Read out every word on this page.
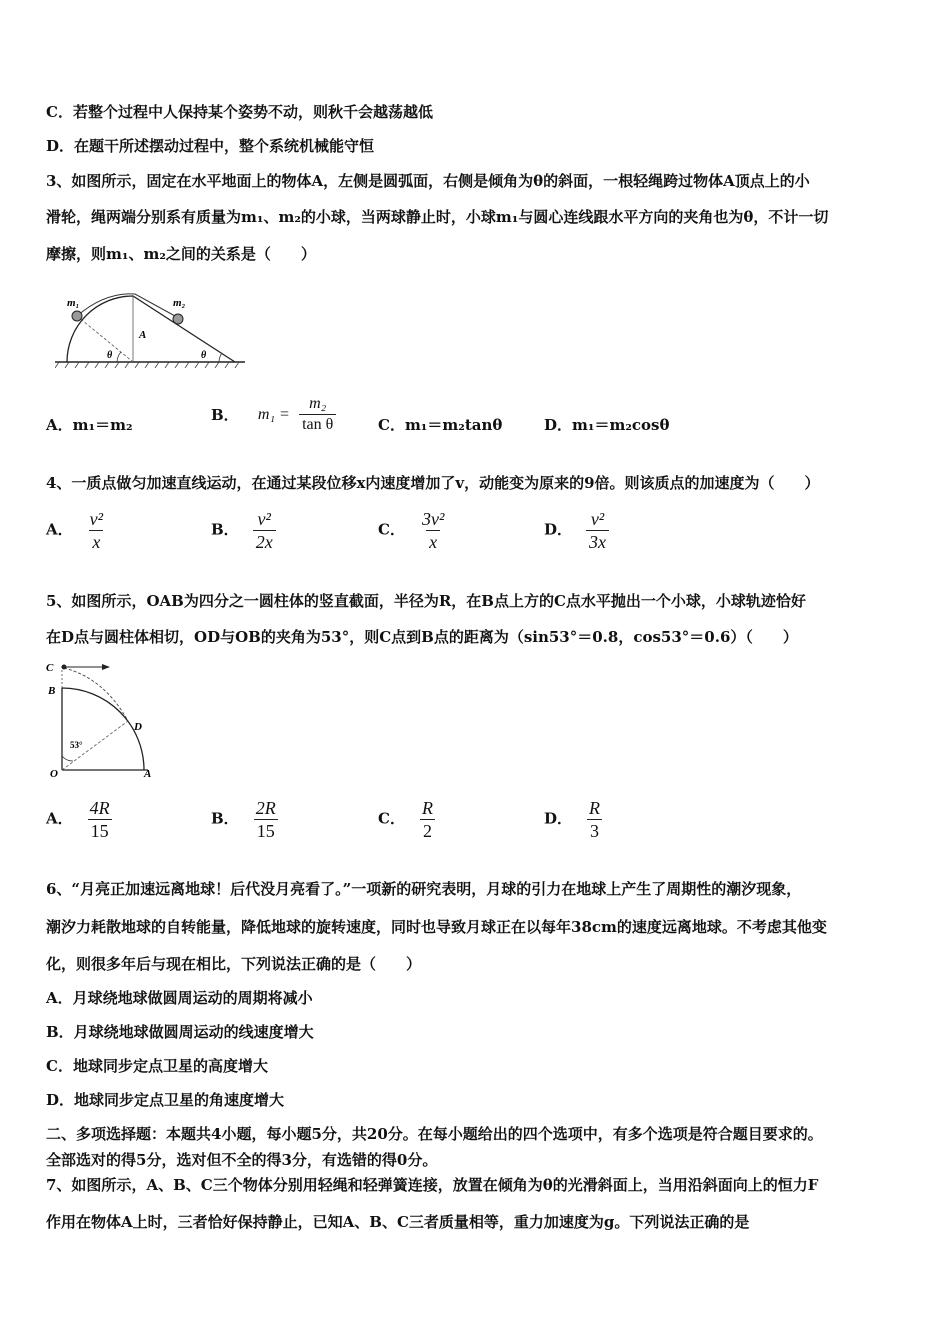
C．若整个过程中人保持某个姿势不动，则秋千会越荡越低
D．在题干所述摆动过程中，整个系统机械能守恒
3、如图所示，固定在水平地面上的物体A，左侧是圆弧面，右侧是倾角为θ的斜面，一根轻绳跨过物体A顶点上的小
滑轮，绳两端分别系有质量为m₁、m₂的小球，当两球静止时，小球m₁与圆心连线跟水平方向的夹角也为θ，不计一切
摩擦，则m₁、m₂之间的关系是（　　）
m₁	m₂
A
θ	θ
A．m₁＝m₂
B． $m_1 = \frac{\text{m₂}}{\text{tan θ}}$	C．m₁＝m₂tanθ	D．m₁＝m₂cosθ
4、一质点做匀加速直线运动，在通过某段位移x内速度增加了v，动能变为原来的9倍。则该质点的加速度为（　　）
A． $\frac{\text{v²}}{x}$	B． $\frac{\text{v²}}{2x}$	C． $\frac{\text{3v²}}{x}$	D． $\frac{\text{v²}}{3x}$
5、如图所示，OAB为四分之一圆柱体的竖直截面，半径为R，在B点上方的C点水平抛出一个小球，小球轨迹恰好
在D点与圆柱体相切，OD与OB的夹角为53°，则C点到B点的距离为（sin53°＝0.8，cos53°＝0.6）（　　）
C
B
D
O	A
53°
A． $\frac{4R}{15}$	B． $\frac{2R}{15}$	C． $\frac{R}{2}$	D． $\frac{R}{3}$
6、“月亮正加速远离地球！后代没月亮看了。”一项新的研究表明，月球的引力在地球上产生了周期性的潮汐现象，
潮汐力耗散地球的自转能量，降低地球的旋转速度，同时也导致月球正在以每年38cm的速度远离地球。不考虑其他变
化，则很多年后与现在相比，下列说法正确的是（　　）
A．月球绕地球做圆周运动的周期将减小
B．月球绕地球做圆周运动的线速度增大
C．地球同步定点卫星的高度增大
D．地球同步定点卫星的角速度增大
二、多项选择题：本题共4小题，每小题5分，共20分。在每小题给出的四个选项中，有多个选项是符合题目要求的。
全部选对的得5分，选对但不全的得3分，有选错的得0分。
7、如图所示，A、B、C三个物体分别用轻绳和轻弹簧连接，放置在倾角为θ的光滑斜面上，当用沿斜面向上的恒力F
作用在物体A上时，三者恰好保持静止，已知A、B、C三者质量相等，重力加速度为g。下列说法正确的是
